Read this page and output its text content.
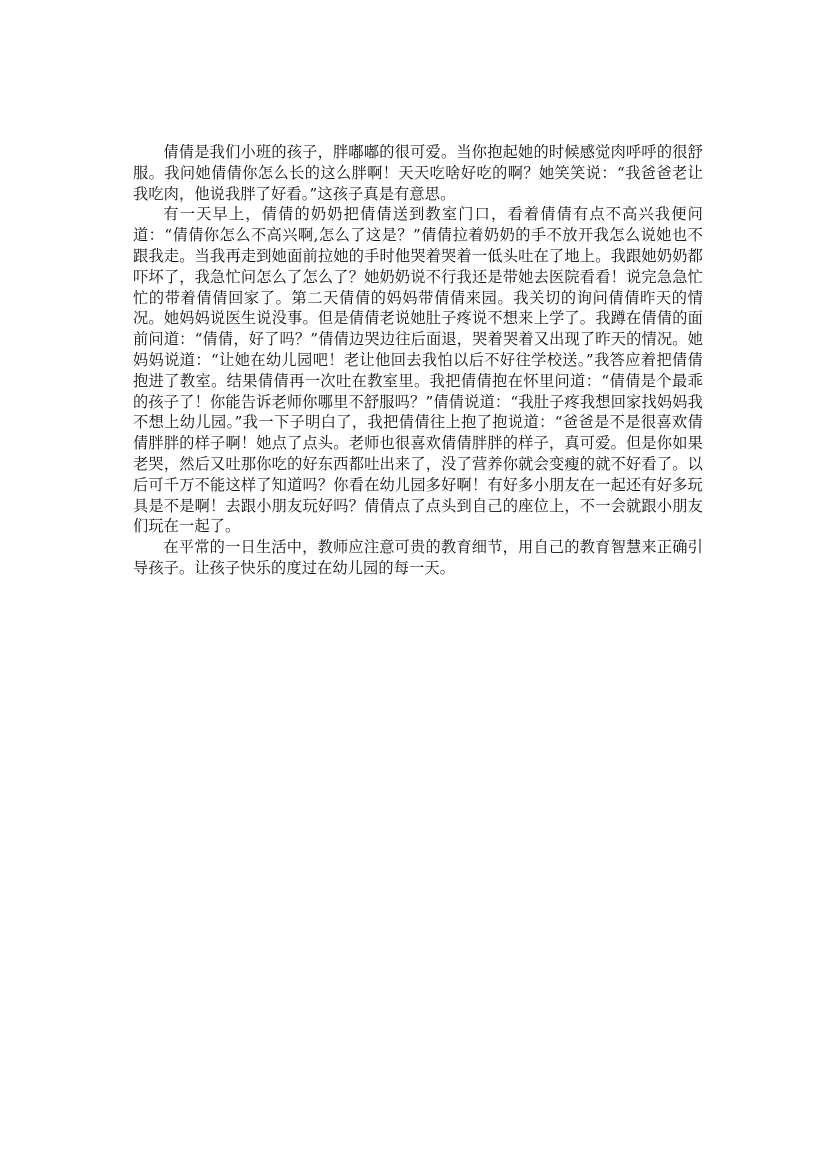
倩倩是我们小班的孩子，胖嘟嘟的很可爱。当你抱起她的时候感觉肉呼呼的很舒服。我问她倩倩你怎么长的这么胖啊！天天吃啥好吃的啊？她笑笑说：“我爸爸老让我吃肉，他说我胖了好看。”这孩子真是有意思。

有一天早上，倩倩的奶奶把倩倩送到教室门口，看着倩倩有点不高兴我便问道：“倩倩你怎么不高兴啊,怎么了这是？”倩倩拉着奶奶的手不放开我怎么说她也不跟我走。当我再走到她面前拉她的手时他哭着哭着一低头吐在了地上。我跟她奶奶都吓坏了，我急忙问怎么了怎么了？她奶奶说不行我还是带她去医院看看！说完急急忙忙的带着倩倩回家了。第二天倩倩的妈妈带倩倩来园。我关切的询问倩倩昨天的情况。她妈妈说医生说没事。但是倩倩老说她肚子疼说不想来上学了。我蹲在倩倩的面前问道：“倩倩，好了吗？”倩倩边哭边往后面退，哭着哭着又出现了昨天的情况。她妈妈说道：“让她在幼儿园吧！老让他回去我怕以后不好往学校送。”我答应着把倩倩抱进了教室。结果倩倩再一次吐在教室里。我把倩倩抱在怀里问道：“倩倩是个最乖的孩子了！你能告诉老师你哪里不舒服吗？”倩倩说道：“我肚子疼我想回家找妈妈我不想上幼儿园。”我一下子明白了，我把倩倩往上抱了抱说道：“爸爸是不是很喜欢倩倩胖胖的样子啊！她点了点头。老师也很喜欢倩倩胖胖的样子，真可爱。但是你如果老哭，然后又吐那你吃的好东西都吐出来了，没了营养你就会变瘦的就不好看了。以后可千万不能这样了知道吗？你看在幼儿园多好啊！有好多小朋友在一起还有好多玩具是不是啊！去跟小朋友玩好吗？倩倩点了点头到自己的座位上，不一会就跟小朋友们玩在一起了。

在平常的一日生活中，教师应注意可贵的教育细节，用自己的教育智慧来正确引导孩子。让孩子快乐的度过在幼儿园的每一天。
